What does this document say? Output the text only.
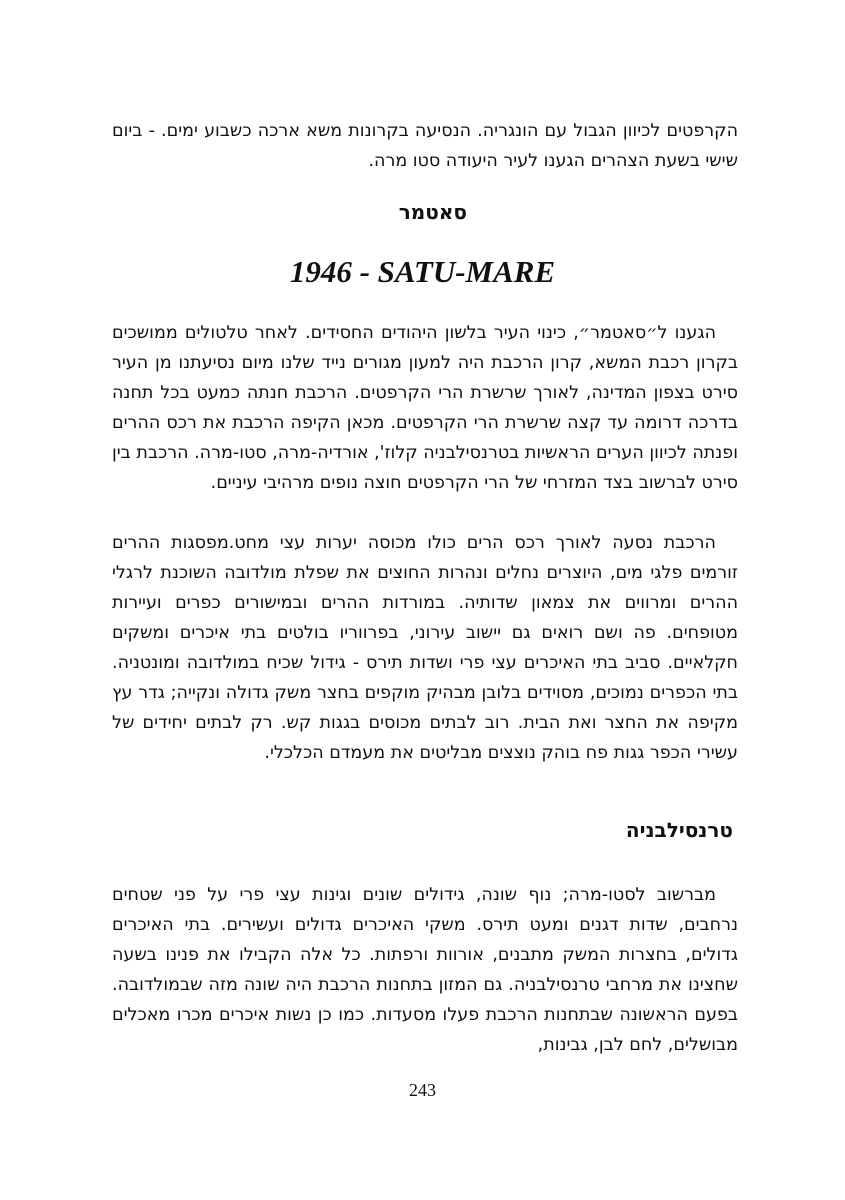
הקרפטים לכיוון הגבול עם הונגריה. הנסיעה בקרונות משא ארכה כשבוע ימים. - ביום שישי בשעת הצהרים הגענו לעיר היעודה סטו מרה.

סאטמר
1946 - SATU-MARE

הגענו ל״סאטמר״, כינוי העיר בלשון היהודים החסידים. לאחר טלטולים ממושכים בקרון רכבת המשא, קרון הרכבת היה למעון מגורים נייד שלנו מיום נסיעתנו מן העיר סירט בצפון המדינה, לאורך שרשרת הרי הקרפטים. הרכבת חנתה כמעט בכל תחנה בדרכה דרומה עד קצה שרשרת הרי הקרפטים. מכאן הקיפה הרכבת את רכס ההרים ופנתה לכיוון הערים הראשיות בטרנסילבניה קלוז', אורדיה-מרה, סטו-מרה. הרכבת בין סירט לברשוב בצד המזרחי של הרי הקרפטים חוצה נופים מרהיבי עיניים.

הרכבת נסעה לאורך רכס הרים כולו מכוסה יערות עצי מחט.מפסגות ההרים זורמים פלגי מים, היוצרים נחלים ונהרות החוצים את שפלת מולדובה השוכנת לרגלי ההרים ומרווים את צמאון שדותיה. במורדות ההרים ובמישורים כפרים ועיירות מטופחים. פה ושם רואים גם יישוב עירוני, בפרווריו בולטים בתי איכרים ומשקים חקלאיים. סביב בתי האיכרים עצי פרי ושדות תירס - גידול שכיח במולדובה ומונטניה. בתי הכפרים נמוכים, מסוידים בלובן מבהיק מוקפים בחצר משק גדולה ונקייה; גדר עץ מקיפה את החצר ואת הבית. רוב לבתים מכוסים בגגות קש. רק לבתים יחידים של עשירי הכפר גגות פח בוהק נוצצים מבליטים את מעמדם הכלכלי.

טרנסילבניה

מברשוב לסטו-מרה; נוף שונה, גידולים שונים וגינות עצי פרי על פני שטחים נרחבים, שדות דגנים ומעט תירס. משקי האיכרים גדולים ועשירים. בתי האיכרים גדולים, בחצרות המשק מתבנים, אורוות ורפתות. כל אלה הקבילו את פנינו בשעה שחצינו את מרחבי טרנסילבניה. גם המזון בתחנות הרכבת היה שונה מזה שבמולדובה. בפעם הראשונה שבתחנות הרכבת פעלו מסעדות. כמו כן נשות איכרים מכרו מאכלים מבושלים, לחם לבן, גבינות,

243
